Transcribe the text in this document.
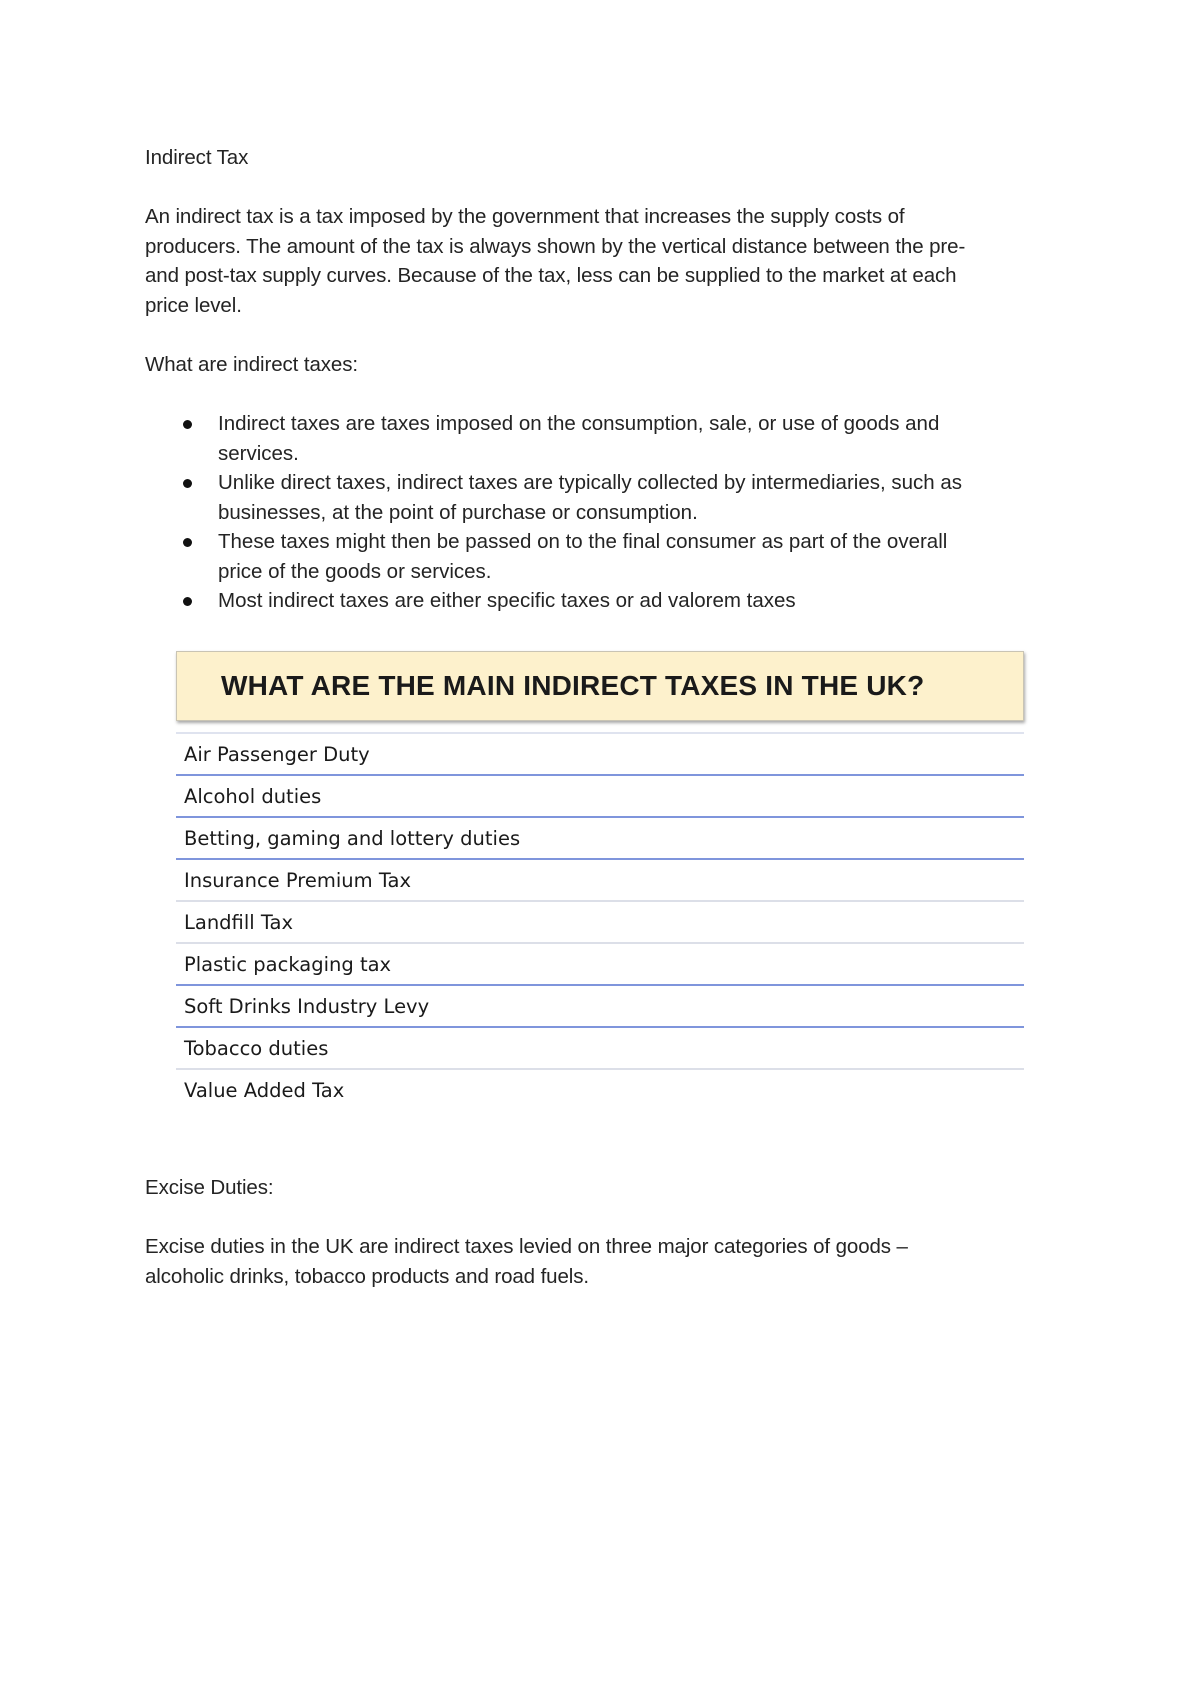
Indirect Tax
An indirect tax is a tax imposed by the government that increases the supply costs of
producers. The amount of the tax is always shown by the vertical distance between the pre-
and post-tax supply curves. Because of the tax, less can be supplied to the market at each
price level.
What are indirect taxes:
Indirect taxes are taxes imposed on the consumption, sale, or use of goods and
services.
Unlike direct taxes, indirect taxes are typically collected by intermediaries, such as
businesses, at the point of purchase or consumption.
These taxes might then be passed on to the final consumer as part of the overall
price of the goods or services.
Most indirect taxes are either specific taxes or ad valorem taxes
WHAT ARE THE MAIN INDIRECT TAXES IN THE UK?
Air Passenger Duty
Alcohol duties
Betting, gaming and lottery duties
Insurance Premium Tax
Landfill Tax
Plastic packaging tax
Soft Drinks Industry Levy
Tobacco duties
Value Added Tax
Excise Duties:
Excise duties in the UK are indirect taxes levied on three major categories of goods –
alcoholic drinks, tobacco products and road fuels.
